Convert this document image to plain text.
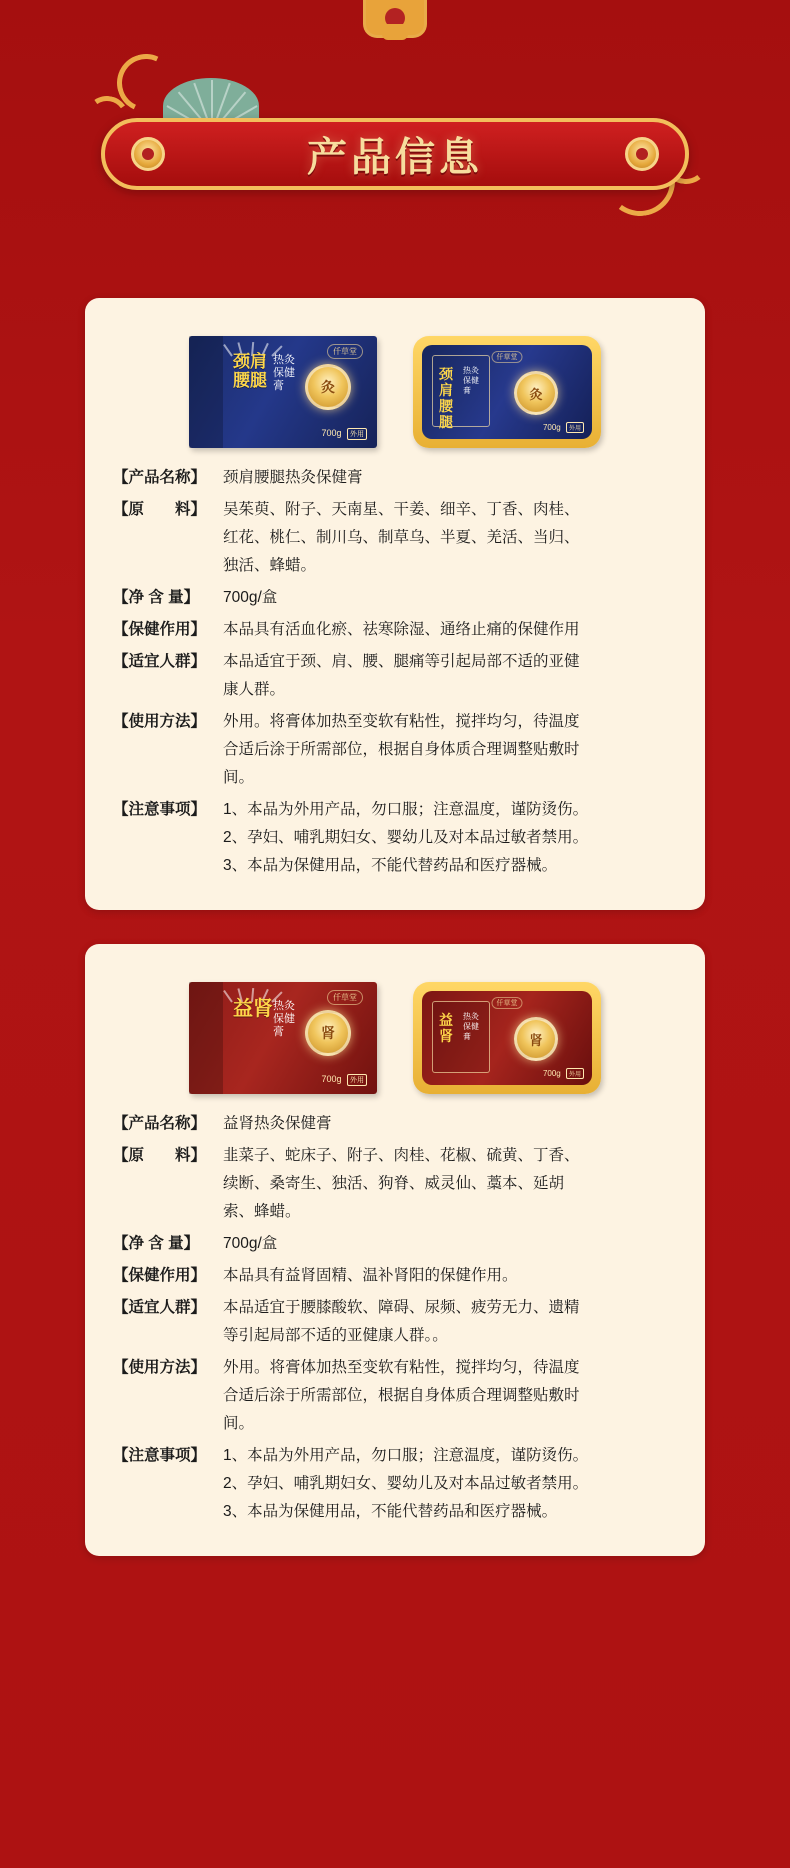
产品信息
仟草堂
颈肩 腰腿
热灸 保健膏	灸
700g 外用
仟草堂
颈肩 腰腿
热灸 保健膏	灸
700g 外用
【产品名称】	颈肩腰腿热灸保健膏
【原　　料】	吴茱萸、附子、天南星、干姜、细辛、丁香、肉桂、
红花、桃仁、制川乌、制草乌、半夏、羌活、当归、
独活、蜂蜡。
【净 含 量】	700g/盒
【保健作用】	本品具有活血化瘀、祛寒除湿、通络止痛的保健作用
【适宜人群】	本品适宜于颈、肩、腰、腿痛等引起局部不适的亚健
康人群。
【使用方法】	外用。将膏体加热至变软有粘性，搅拌均匀，待温度
合适后涂于所需部位，根据自身体质合理调整贴敷时
间。
【注意事项】	1、本品为外用产品，勿口服；注意温度，谨防烫伤。
2、孕妇、哺乳期妇女、婴幼儿及对本品过敏者禁用。
3、本品为保健用品，不能代替药品和医疗器械。
仟草堂
益肾 热灸 保健膏	肾
700g 外用
仟草堂
益肾
热灸 保健膏	肾
700g 外用
【产品名称】	益肾热灸保健膏
【原　　料】	韭菜子、蛇床子、附子、肉桂、花椒、硫黄、丁香、
续断、桑寄生、独活、狗脊、威灵仙、藁本、延胡
索、蜂蜡。
【净 含 量】	700g/盒
【保健作用】	本品具有益肾固精、温补肾阳的保健作用。
【适宜人群】	本品适宜于腰膝酸软、障碍、尿频、疲劳无力、遗精
等引起局部不适的亚健康人群。。
【使用方法】	外用。将膏体加热至变软有粘性，搅拌均匀，待温度
合适后涂于所需部位，根据自身体质合理调整贴敷时
间。
【注意事项】	1、本品为外用产品，勿口服；注意温度，谨防烫伤。
2、孕妇、哺乳期妇女、婴幼儿及对本品过敏者禁用。
3、本品为保健用品，不能代替药品和医疗器械。
